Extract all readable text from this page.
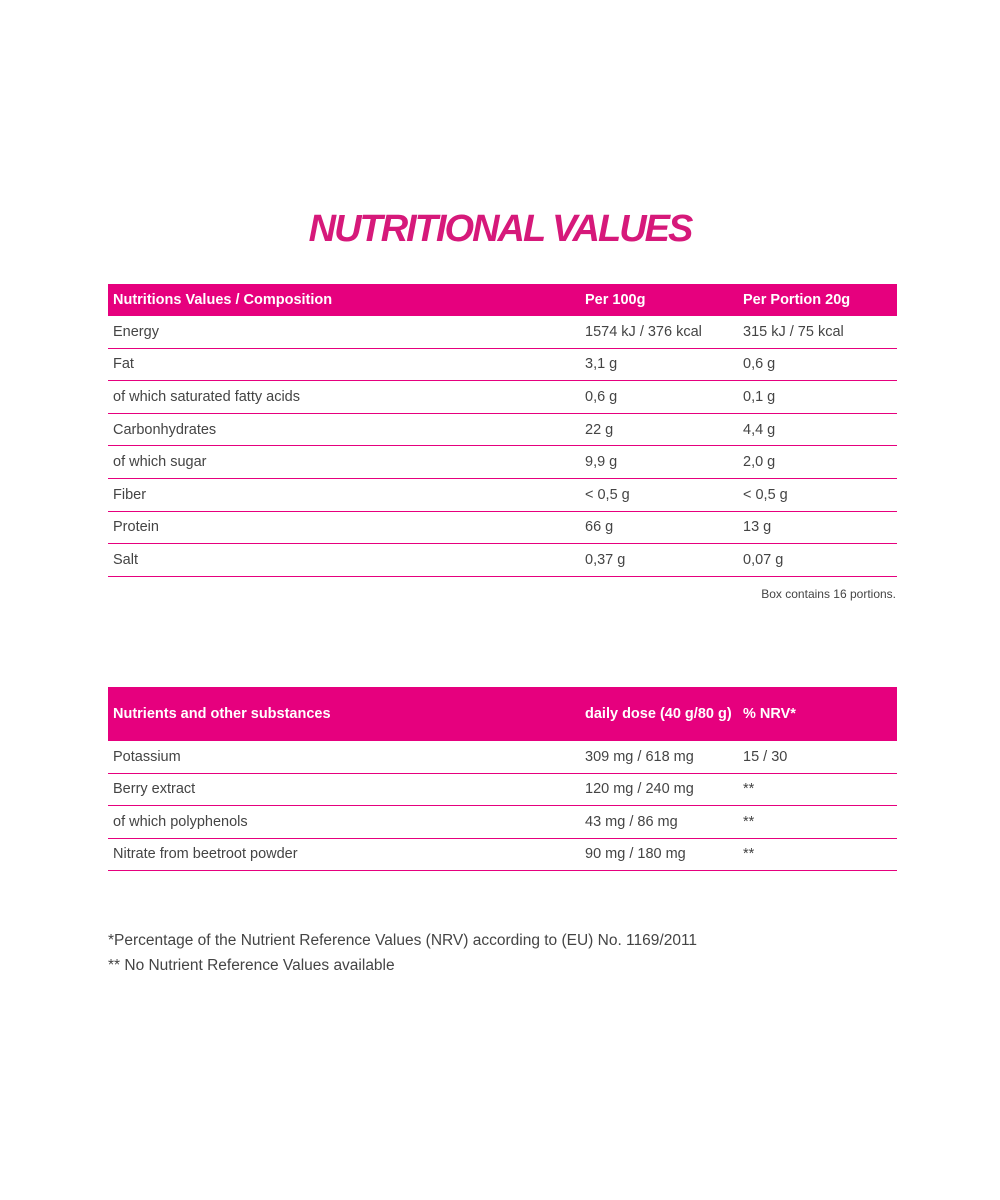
NUTRITIONAL VALUES
Nutritions Values / Composition	Per 100g	Per Portion 20g
Energy	1574 kJ / 376 kcal	315 kJ / 75 kcal
Fat	3,1 g	0,6 g
of which saturated fatty acids	0,6 g	0,1 g
Carbonhydrates	22 g	4,4 g
of which sugar	9,9 g	2,0 g
Fiber	< 0,5 g	< 0,5 g
Protein	66 g	13 g
Salt	0,37 g	0,07 g
Box contains 16 portions.
Nutrients and other substances	daily dose (40 g/80 g)	% NRV*
Potassium	309 mg / 618 mg	15 / 30
Berry extract	120 mg / 240 mg	**
of which polyphenols	43 mg / 86 mg	**
Nitrate from beetroot powder	90 mg / 180 mg	**
*Percentage of the Nutrient Reference Values (NRV) according to (EU) No. 1169/2011
** No Nutrient Reference Values available
